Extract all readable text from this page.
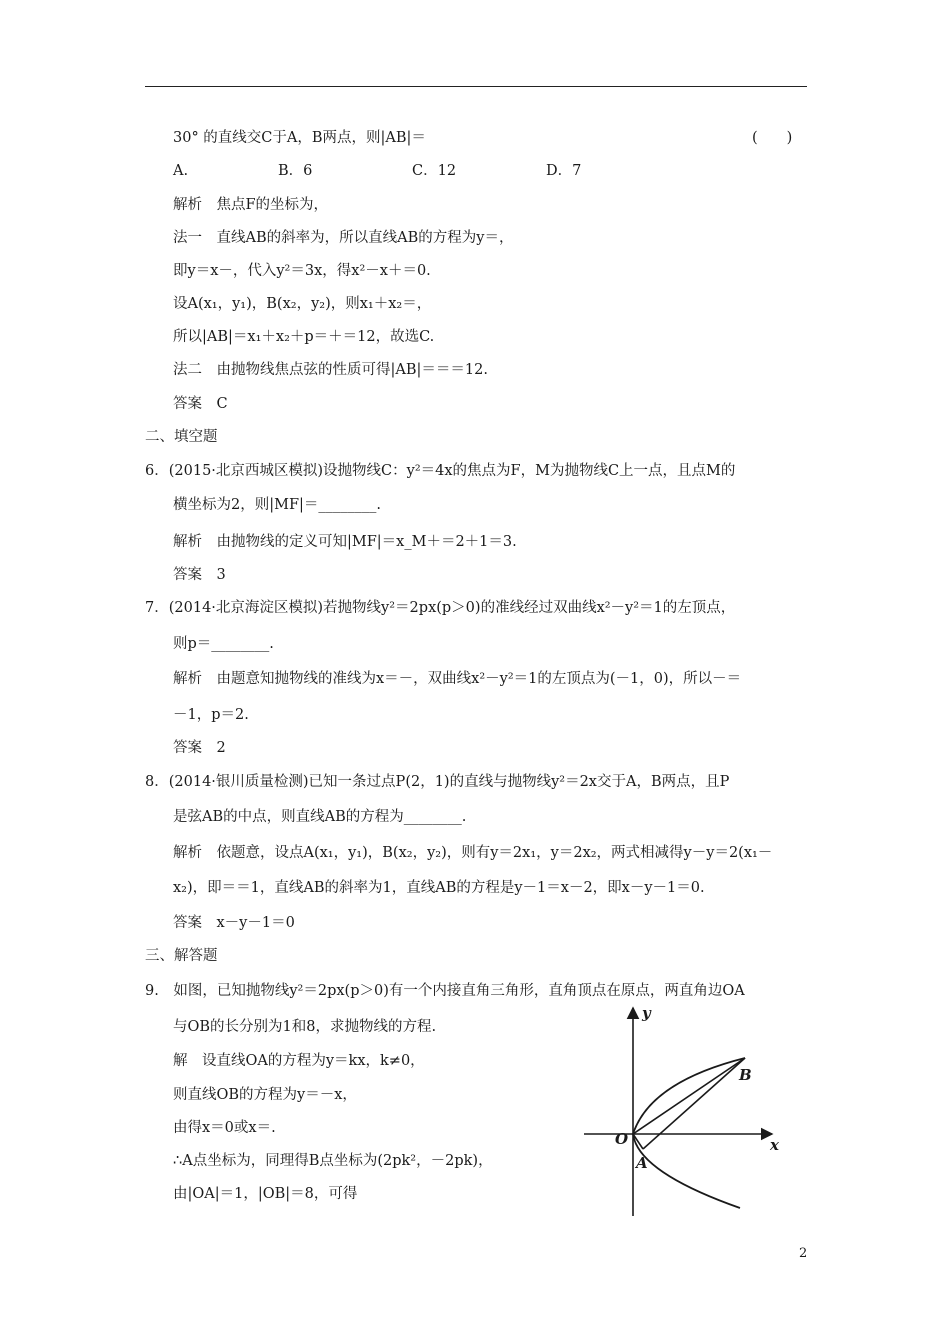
30° 的直线交C于A，B两点，则|AB|＝	(　　)
A.	B．6	C．12	D．7
解析　 焦点F的坐标为，
法一　 直线AB的斜率为，所以直线AB的方程为y＝，
即y＝x－，代入y²＝3x，得x²－x＋＝0.
设A(x₁，y₁)，B(x₂，y₂)，则x₁＋x₂＝，
所以|AB|＝x₁＋x₂＋p＝＋＝12，故选C.
法二　 由抛物线焦点弦的性质可得|AB|＝＝＝12.
答案　 C
二、填空题
6．(2015·北京西城区模拟)设抛物线C：y²＝4x的焦点为F，M为抛物线C上一点，且点M的
横坐标为2，则|MF|＝________.
解析　 由抛物线的定义可知|MF|＝x_M＋＝2＋1＝3.
答案　 3
7．(2014·北京海淀区模拟)若抛物线y²＝2px(p＞0)的准线经过双曲线x²－y²＝1的左顶点，
则p＝________.
解析　 由题意知抛物线的准线为x＝－，双曲线x²－y²＝1的左顶点为(－1，0)，所以－＝
－1，p＝2.
答案　 2
8．(2014·银川质量检测)已知一条过点P(2，1)的直线与抛物线y²＝2x交于A，B两点，且P
是弦AB的中点，则直线AB的方程为________.
解析　 依题意，设点A(x₁，y₁)，B(x₂，y₂)，则有y＝2x₁，y＝2x₂，两式相减得y－y＝2(x₁－
x₂)，即＝＝1，直线AB的斜率为1，直线AB的方程是y－1＝x－2，即x－y－1＝0.
答案　 x－y－1＝0
三、解答题
9.　 如图，已知抛物线y²＝2px(p＞0)有一个内接直角三角形，直角顶点在原点，两直角边OA
与OB的长分别为1和8，求抛物线的方程.
解　 设直线OA的方程为y＝kx，k≠0，
则直线OB的方程为y＝－x，
由得x＝0或x＝.
∴A点坐标为，同理得B点坐标为(2pk²，－2pk)，
由|OA|＝1，|OB|＝8，可得
y
x
O
A
B
2
